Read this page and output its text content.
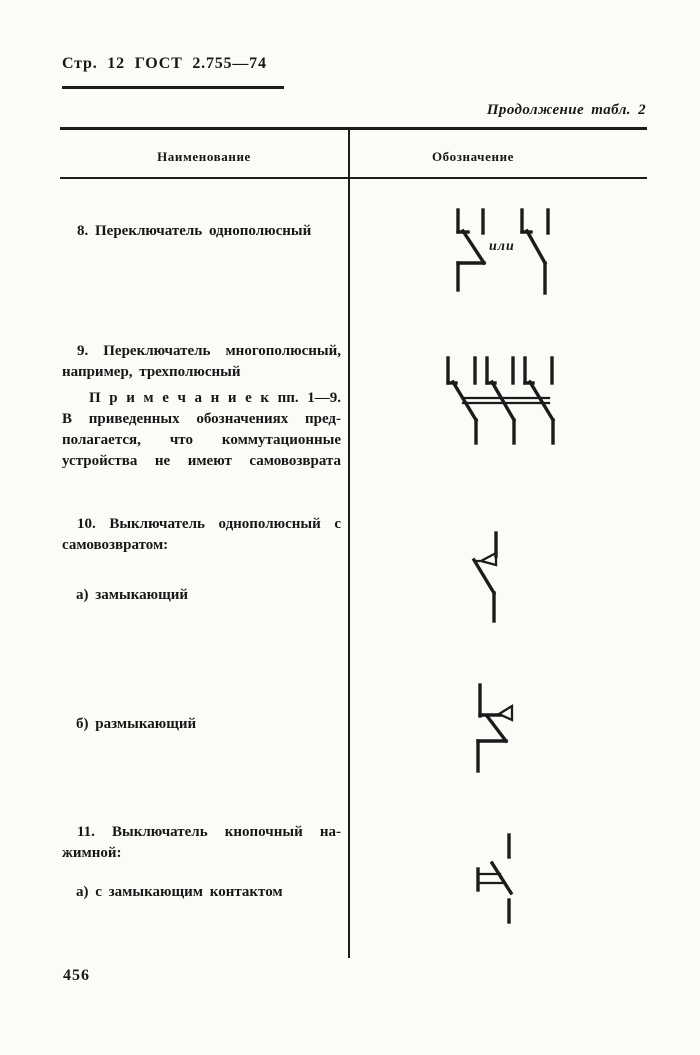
Стр. 12 ГОСТ 2.755—74
Продолжение табл. 2
Наименование	Обозначение
8. Переключатель однополюсный
или
9. Переключатель многополюсный,
например, трехполюсный
П р и м е ч а н и е к пп. 1—9.
В приведенных обозначениях пред-
полагается, что коммутационные
устройства не имеют самовозврата
10. Выключатель однополюсный с
самовозвратом:
а) замыкающий
б) размыкающий
11. Выключатель кнопочный на-
жимной:
а) с замыкающим контактом
456
